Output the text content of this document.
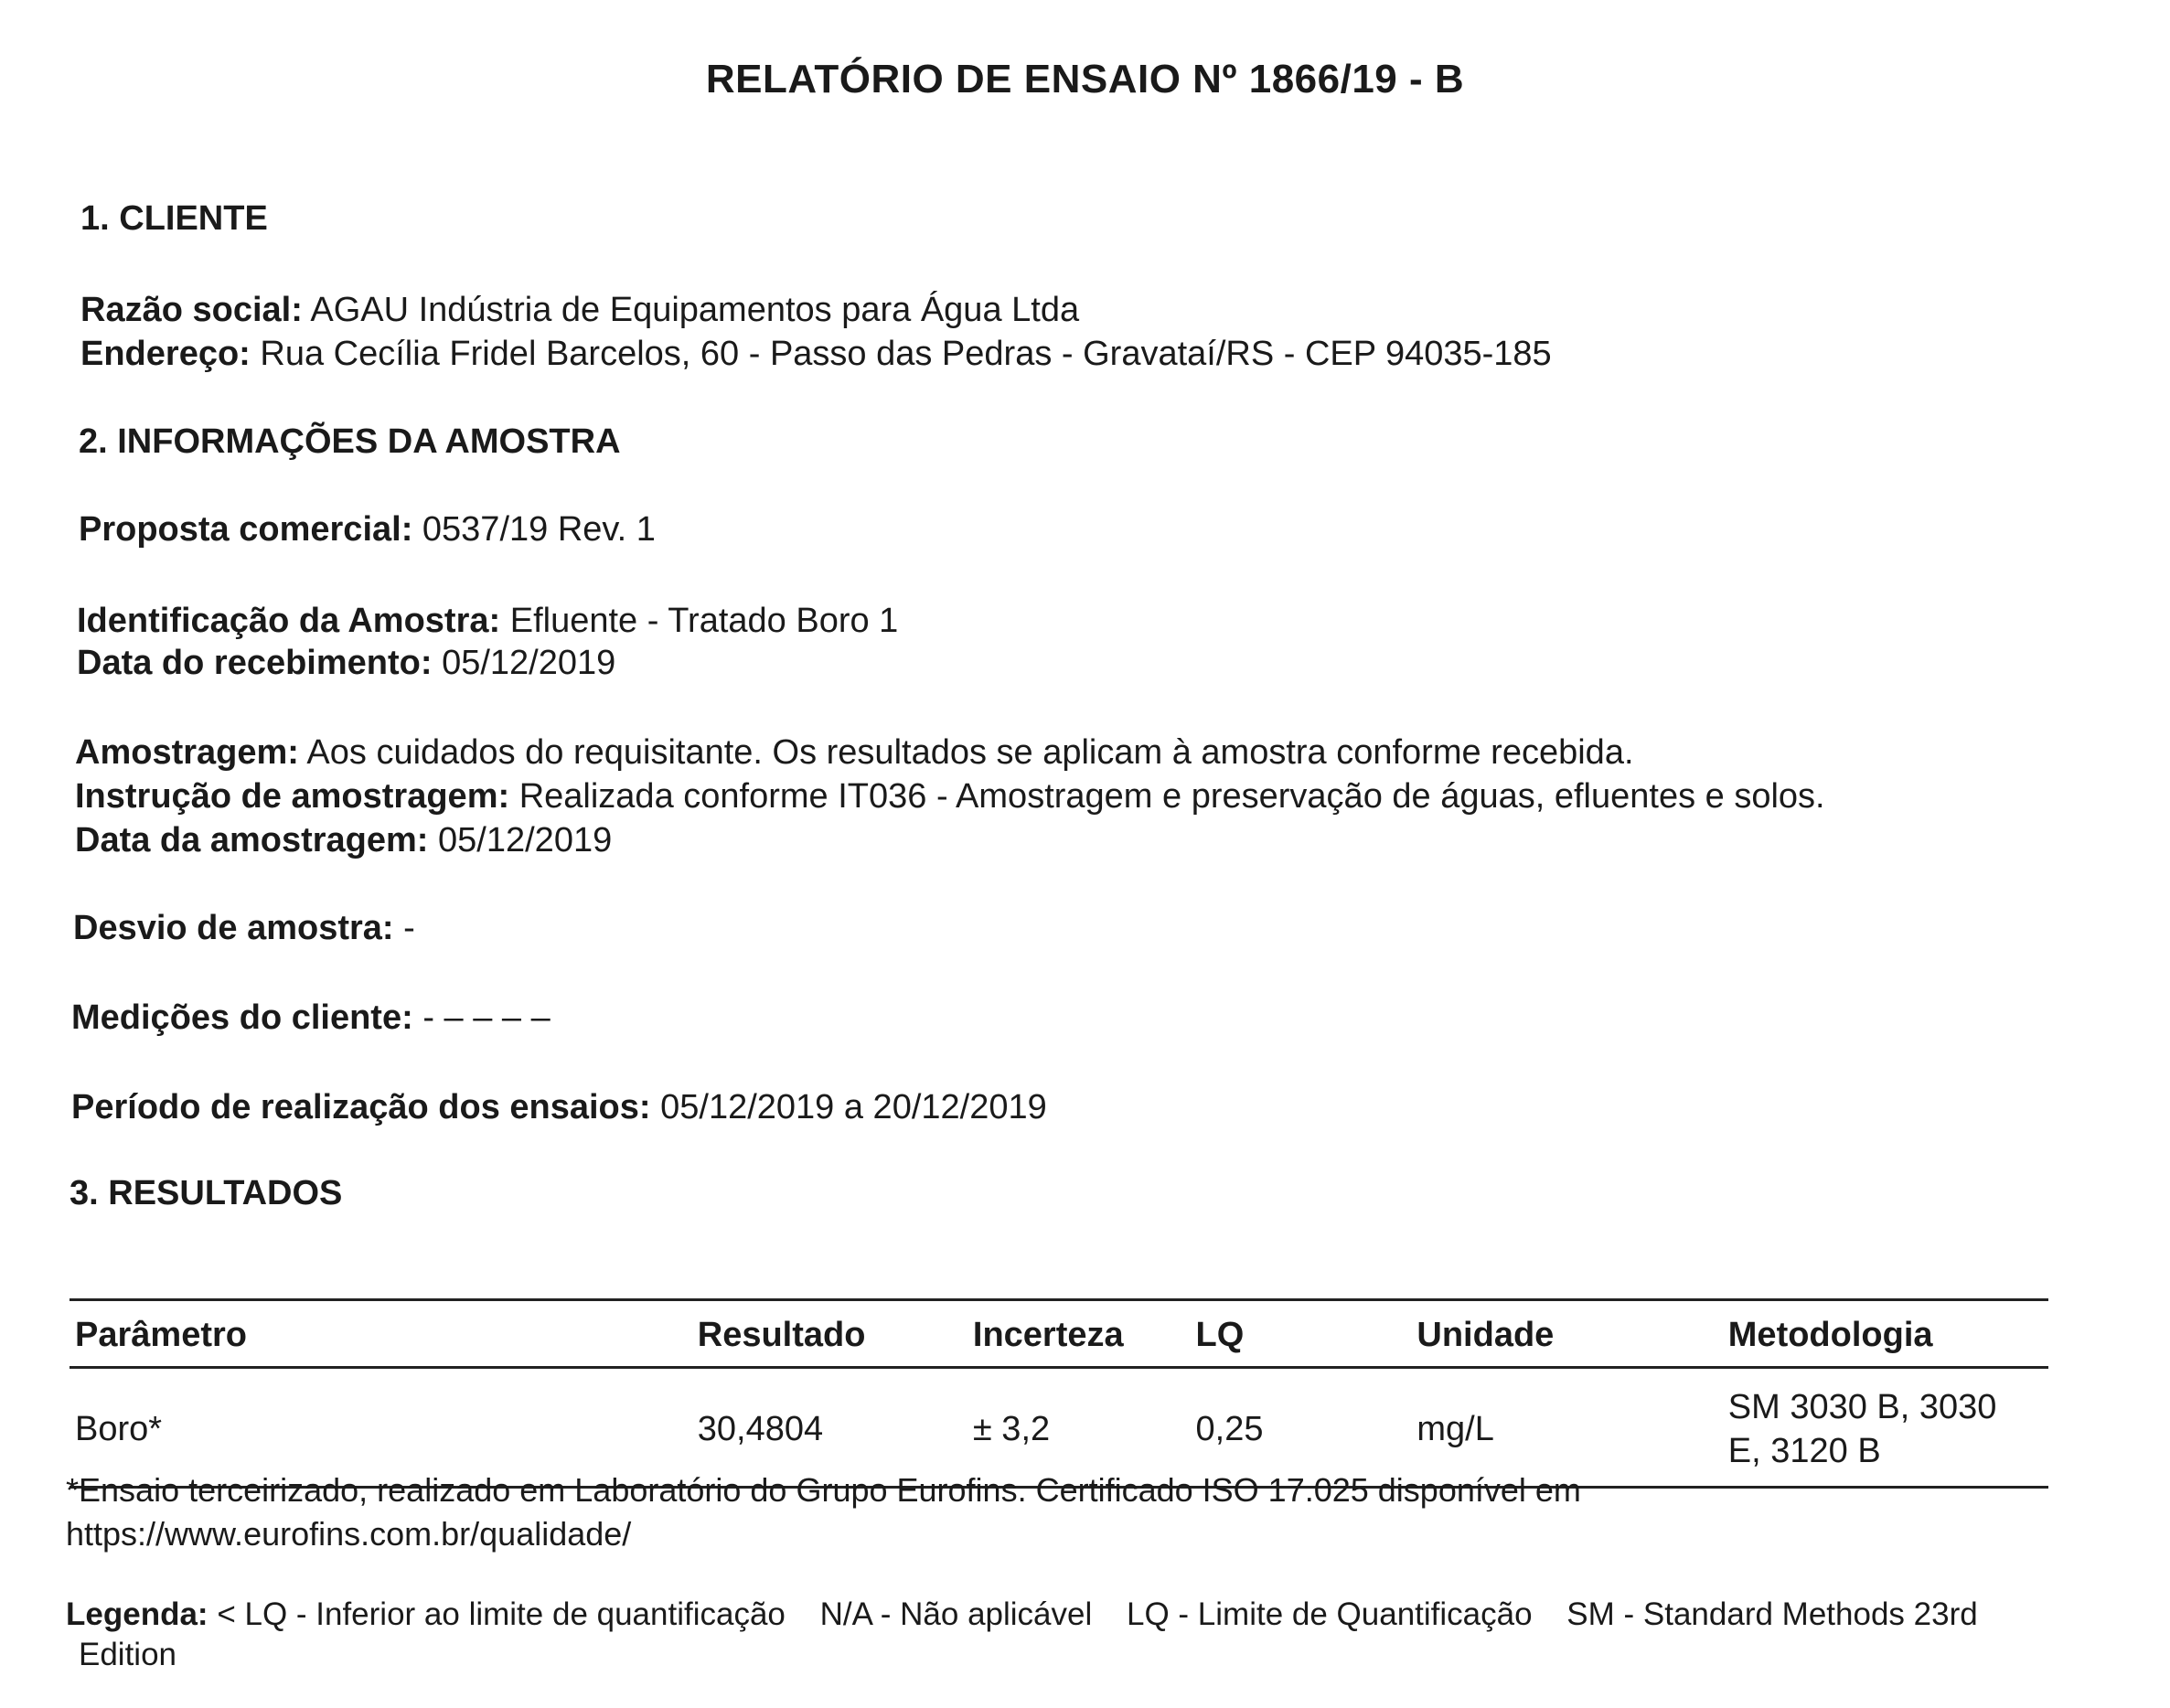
RELATÓRIO DE ENSAIO Nº 1866/19 - B
1. CLIENTE
Razão social: AGAU Indústria de Equipamentos para Água Ltda
Endereço: Rua Cecília Fridel Barcelos, 60 - Passo das Pedras - Gravataí/RS - CEP 94035-185
2. INFORMAÇÕES DA AMOSTRA
Proposta comercial: 0537/19 Rev. 1
Identificação da Amostra: Efluente - Tratado Boro 1
Data do recebimento: 05/12/2019
Amostragem: Aos cuidados do requisitante. Os resultados se aplicam à amostra conforme recebida.
Instrução de amostragem: Realizada conforme IT036 - Amostragem e preservação de águas, efluentes e solos.
Data da amostragem: 05/12/2019
Desvio de amostra: -
Medições do cliente: - – – – –
Período de realização dos ensaios: 05/12/2019 a 20/12/2019
3. RESULTADOS
Parâmetro	Resultado	Incerteza	LQ	Unidade	Metodologia
Boro*	30,4804	± 3,2	0,25	mg/L	SM 3030 B, 3030
E, 3120 B
*Ensaio terceirizado, realizado em Laboratório do Grupo Eurofins. Certificado ISO 17.025 disponível em
https://www.eurofins.com.br/qualidade/
Legenda: < LQ - Inferior ao limite de quantificação N/A - Não aplicável LQ - Limite de Quantificação SM - Standard Methods 23rd
Edition
